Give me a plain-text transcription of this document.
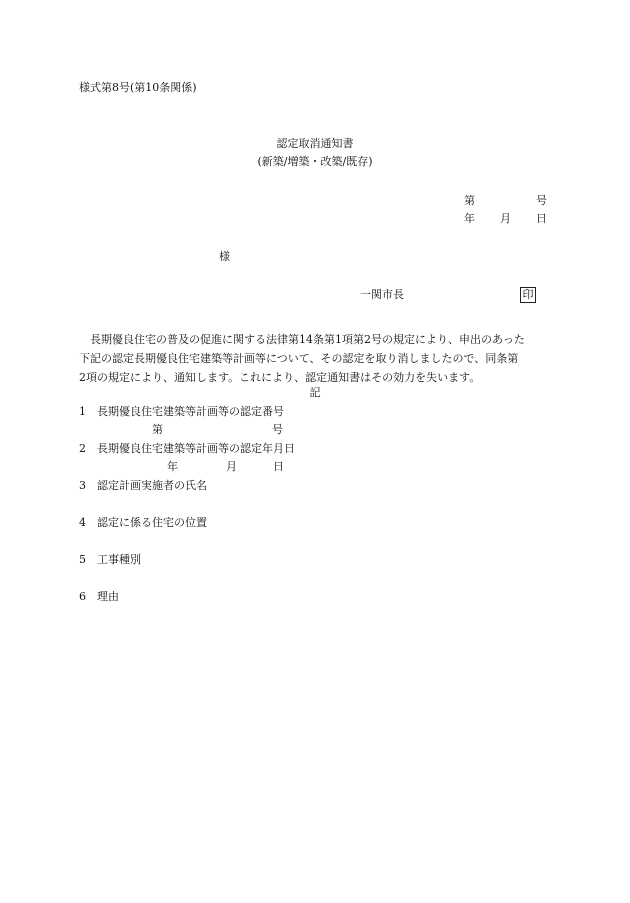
様式第8号(第10条関係)
認定取消通知書
(新築/増築・改築/既存)
第	号
年 月 日
様
一関市長	印
長期優良住宅の普及の促進に関する法律第14条第1項第2号の規定により、申出のあった
下記の認定長期優良住宅建築等計画等について、その認定を取り消しましたので、同条第
2項の規定により、通知します。これにより、認定通知書はその効力を失います。
記
1 長期優良住宅建築等計画等の認定番号
第	号
2 長期優良住宅建築等計画等の認定年月日
年	月	日
3 認定計画実施者の氏名
4 認定に係る住宅の位置
5 工事種別
6 理由
